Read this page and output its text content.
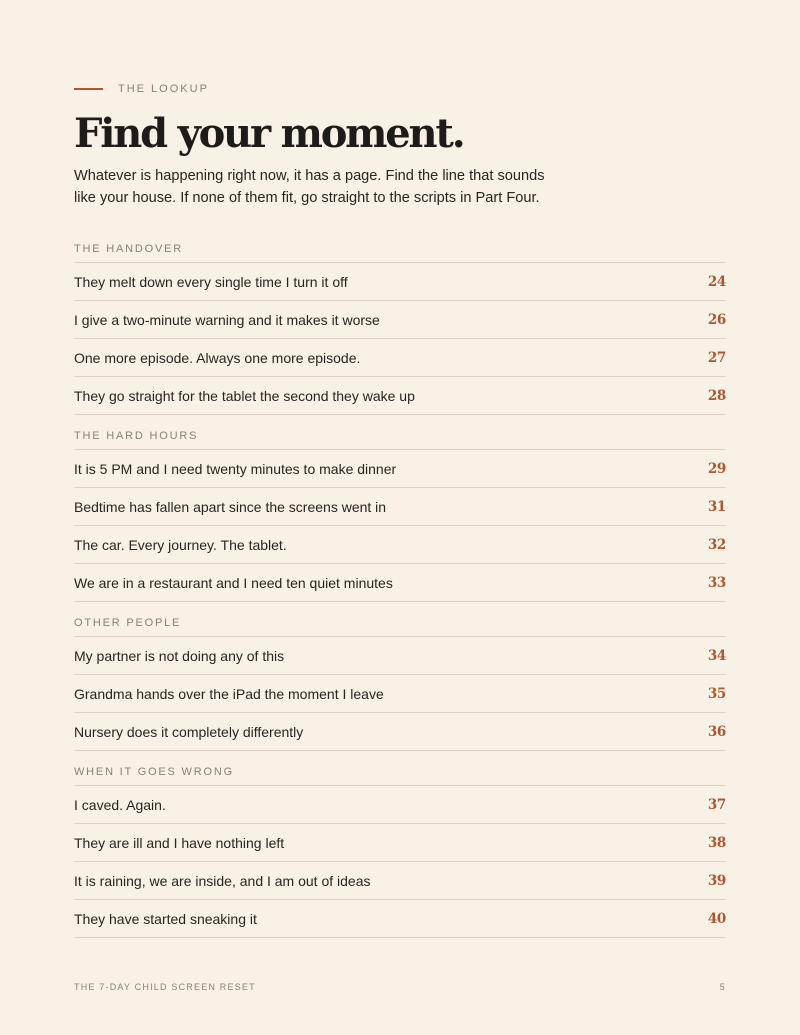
THE LOOKUP
Find your moment.

Whatever is happening right now, it has a page. Find the line that sounds like your house. If none of them fit, go straight to the scripts in Part Four.

THE HANDOVER
They melt down every single time I turn it off	24
I give a two-minute warning and it makes it worse	26
One more episode. Always one more episode.	27
They go straight for the tablet the second they wake up	28
THE HARD HOURS
It is 5 PM and I need twenty minutes to make dinner	29
Bedtime has fallen apart since the screens went in	31
The car. Every journey. The tablet.	32
We are in a restaurant and I need ten quiet minutes	33
OTHER PEOPLE
My partner is not doing any of this	34
Grandma hands over the iPad the moment I leave	35
Nursery does it completely differently	36
WHEN IT GOES WRONG
I caved. Again.	37
They are ill and I have nothing left	38
It is raining, we are inside, and I am out of ideas	39
They have started sneaking it	40
THE 7-DAY CHILD SCREEN RESET	5
